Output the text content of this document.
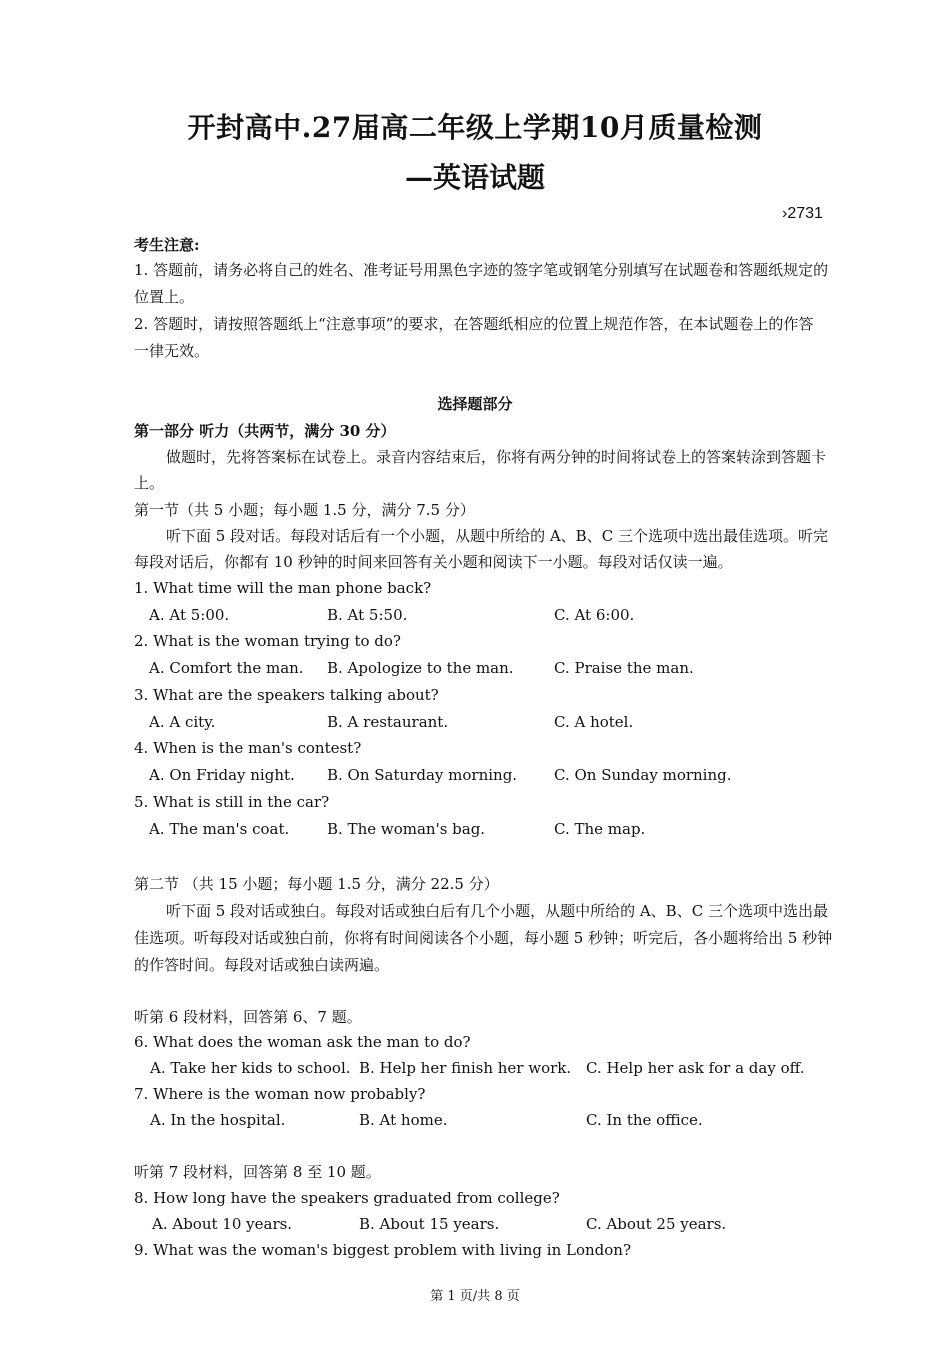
开封高中.27届高二年级上学期10月质量检测
—英语试题
›2731
考生注意:
1. 答题前，请务必将自己的姓名、准考证号用黑色字迹的签字笔或钢笔分别填写在试题卷和答题纸规定的
位置上。
2. 答题时，请按照答题纸上“注意事项”的要求，在答题纸相应的位置上规范作答，在本试题卷上的作答
一律无效。
选择题部分
第一部分 听力（共两节，满分 30 分）
做题时，先将答案标在试卷上。录音内容结束后，你将有两分钟的时间将试卷上的答案转涂到答题卡
上。
第一节（共 5 小题；每小题 1.5 分，满分 7.5 分）
听下面 5 段对话。每段对话后有一个小题，从题中所给的 A、B、C 三个选项中选出最佳选项。听完
每段对话后，你都有 10 秒钟的时间来回答有关小题和阅读下一小题。每段对话仅读一遍。
1. What time will the man phone back?
A. At 5:00.	B. At 5:50.	C. At 6:00.
2. What is the woman trying to do?
A. Comfort the man. B. Apologize to the man.	C. Praise the man.
3. What are the speakers talking about?
A. A city.	B. A restaurant.	C. A hotel.
4. When is the man's contest?
A. On Friday night. B. On Saturday morning. C. On Sunday morning.
5. What is still in the car?
A. The man's coat.	B. The woman's bag.	C. The map.
第二节 （共 15 小题；每小题 1.5 分，满分 22.5 分）
听下面 5 段对话或独白。每段对话或独白后有几个小题，从题中所给的 A、B、C 三个选项中选出最
佳选项。听每段对话或独白前，你将有时间阅读各个小题，每小题 5 秒钟；听完后，各小题将给出 5 秒钟
的作答时间。每段对话或独白读两遍。
听第 6 段材料，回答第 6、7 题。
6. What does the woman ask the man to do?
A. Take her kids to school. B. Help her finish her work. C. Help her ask for a day off.
7. Where is the woman now probably?
A. In the hospital.	B. At home.	C. In the office.
听第 7 段材料，回答第 8 至 10 题。
8. How long have the speakers graduated from college?
A. About 10 years.	B. About 15 years.	C. About 25 years.
9. What was the woman's biggest problem with living in London?
第 1 页/共 8 页
